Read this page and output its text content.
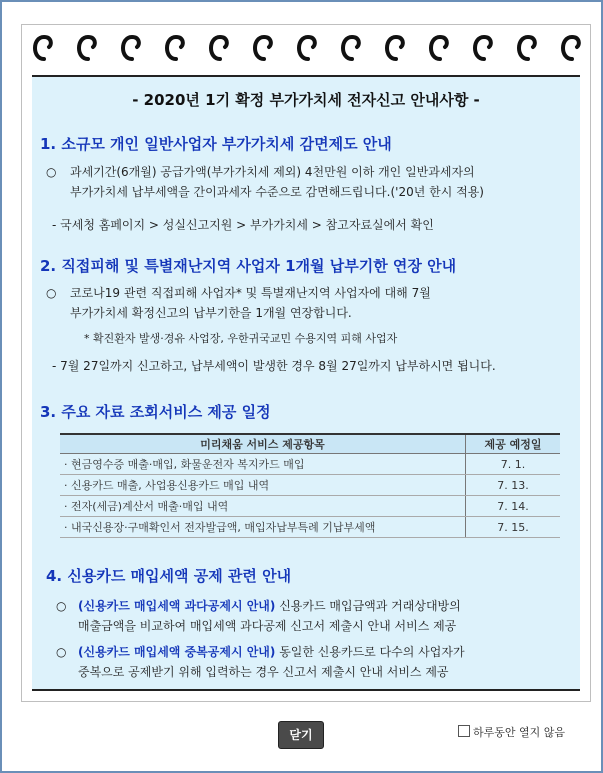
- 2020년 1기 확정 부가가치세 전자신고 안내사항 -
1. 소규모 개인 일반사업자 부가가치세 감면제도 안내
○ 과세기간(6개월) 공급가액(부가가치세 제외) 4천만원 이하 개인 일반과세자의
부가가치세 납부세액을 간이과세자 수준으로 감면해드립니다.('20년 한시 적용)
- 국세청 홈페이지 > 성실신고지원 > 부가가치세 > 참고자료실에서 확인
2. 직접피해 및 특별재난지역 사업자 1개월 납부기한 연장 안내
○ 코로나19 관련 직접피해 사업자* 및 특별재난지역 사업자에 대해 7월
부가가치세 확정신고의 납부기한을 1개월 연장합니다.
* 확진환자 발생·경유 사업장, 우한귀국교민 수용지역 피해 사업자
- 7월 27일까지 신고하고, 납부세액이 발생한 경우 8월 27일까지 납부하시면 됩니다.
3. 주요 자료 조회서비스 제공 일정
미리채움 서비스 제공항목	제공 예정일
· 현금영수증 매출·매입, 화물운전자 복지카드 매입	7. 1.
· 신용카드 매출, 사업용신용카드 매입 내역	7. 13.
· 전자(세금)계산서 매출·매입 내역	7. 14.
· 내국신용장·구매확인서 전자발급액, 매입자납부특례 기납부세액	7. 15.
4. 신용카드 매입세액 공제 관련 안내
○ (신용카드 매입세액 과다공제시 안내) 신용카드 매입금액과 거래상대방의
매출금액을 비교하여 매입세액 과다공제 신고서 제출시 안내 서비스 제공
○ (신용카드 매입세액 중복공제시 안내) 동일한 신용카드로 다수의 사업자가
중복으로 공제받기 위해 입력하는 경우 신고서 제출시 안내 서비스 제공
닫기	하루동안 열지 않음
